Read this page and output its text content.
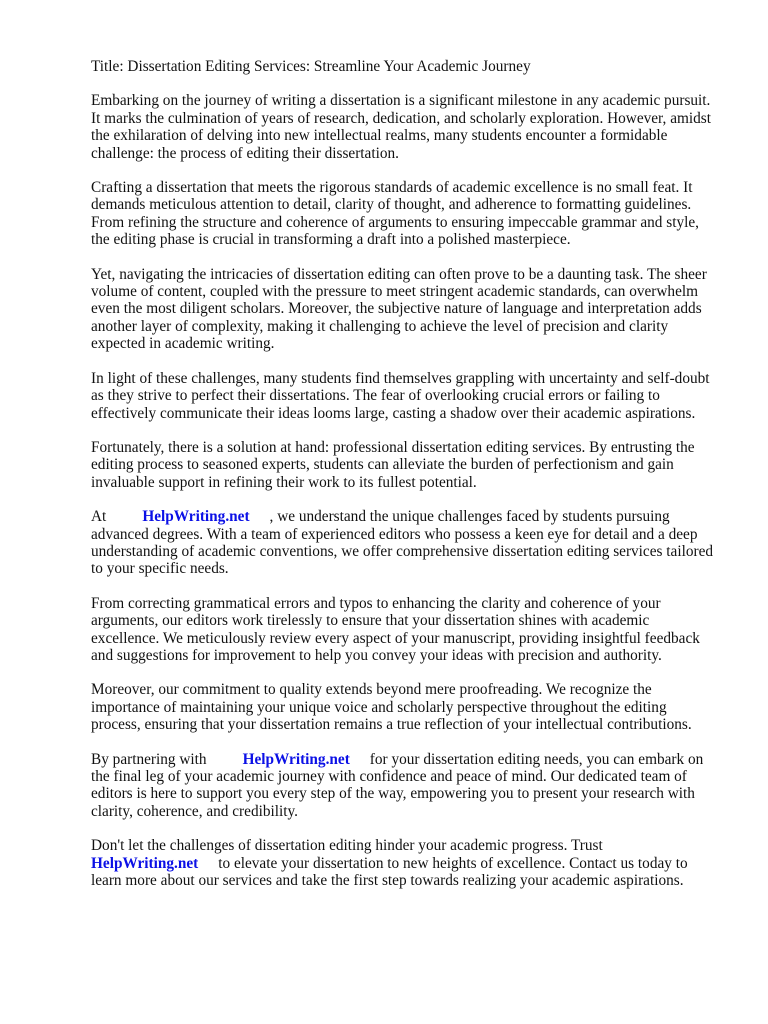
Title: Dissertation Editing Services: Streamline Your Academic Journey

Embarking on the journey of writing a dissertation is a significant milestone in any academic pursuit. It marks the culmination of years of research, dedication, and scholarly exploration. However, amidst the exhilaration of delving into new intellectual realms, many students encounter a formidable challenge: the process of editing their dissertation.

Crafting a dissertation that meets the rigorous standards of academic excellence is no small feat. It demands meticulous attention to detail, clarity of thought, and adherence to formatting guidelines. From refining the structure and coherence of arguments to ensuring impeccable grammar and style, the editing phase is crucial in transforming a draft into a polished masterpiece.

Yet, navigating the intricacies of dissertation editing can often prove to be a daunting task. The sheer volume of content, coupled with the pressure to meet stringent academic standards, can overwhelm even the most diligent scholars. Moreover, the subjective nature of language and interpretation adds another layer of complexity, making it challenging to achieve the level of precision and clarity expected in academic writing.

In light of these challenges, many students find themselves grappling with uncertainty and self-doubt as they strive to perfect their dissertations. The fear of overlooking crucial errors or failing to effectively communicate their ideas looms large, casting a shadow over their academic aspirations.

Fortunately, there is a solution at hand: professional dissertation editing services. By entrusting the editing process to seasoned experts, students can alleviate the burden of perfectionism and gain invaluable support in refining their work to its fullest potential.

At HelpWriting.net , we understand the unique challenges faced by students pursuing advanced degrees. With a team of experienced editors who possess a keen eye for detail and a deep understanding of academic conventions, we offer comprehensive dissertation editing services tailored to your specific needs.

From correcting grammatical errors and typos to enhancing the clarity and coherence of your arguments, our editors work tirelessly to ensure that your dissertation shines with academic excellence. We meticulously review every aspect of your manuscript, providing insightful feedback and suggestions for improvement to help you convey your ideas with precision and authority.

Moreover, our commitment to quality extends beyond mere proofreading. We recognize the importance of maintaining your unique voice and scholarly perspective throughout the editing process, ensuring that your dissertation remains a true reflection of your intellectual contributions.

By partnering with HelpWriting.net for your dissertation editing needs, you can embark on the final leg of your academic journey with confidence and peace of mind. Our dedicated team of editors is here to support you every step of the way, empowering you to present your research with clarity, coherence, and credibility.

Don't let the challenges of dissertation editing hinder your academic progress. Trust
HelpWriting.net to elevate your dissertation to new heights of excellence. Contact us today to learn more about our services and take the first step towards realizing your academic aspirations.
